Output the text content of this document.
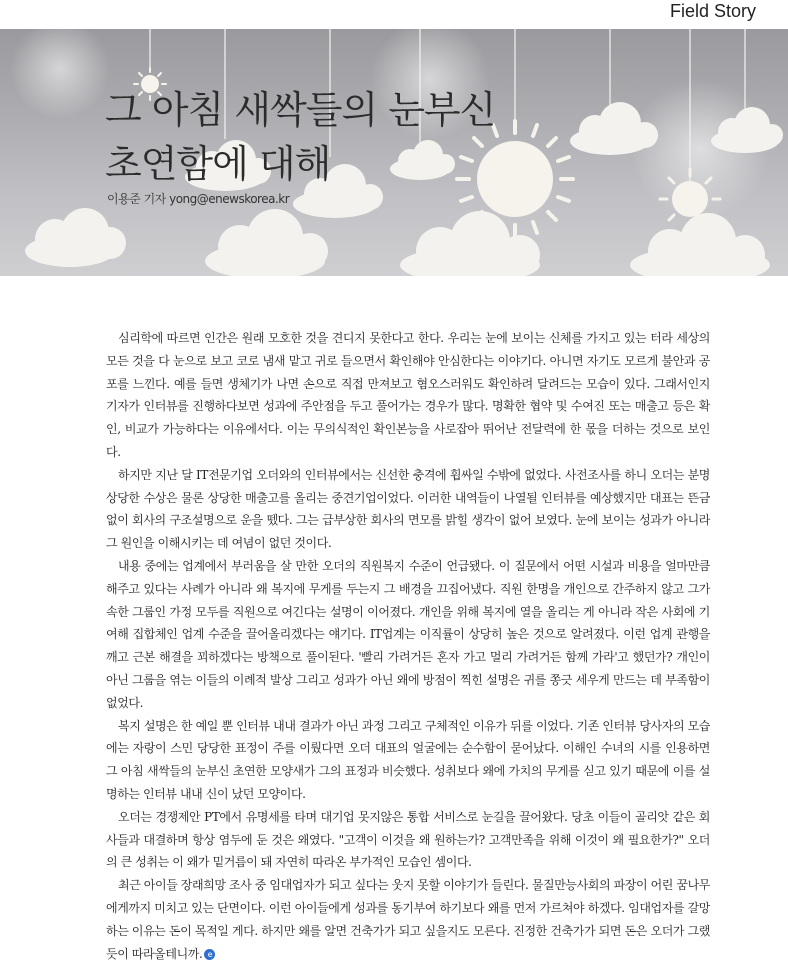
Field Story
그 아침 새싹들의 눈부신
초연함에 대해
이용준 기자 yong@enewskorea.kr

심리학에 따르면 인간은 원래 모호한 것을 견디지 못한다고 한다. 우리는 눈에 보이는 신체를 가지고 있는 터라 세상의 모든 것을 다 눈으로 보고 코로 냄새 맡고 귀로 들으면서 확인해야 안심한다는 이야기다. 아니면 자기도 모르게 불안과 공포를 느낀다. 예를 들면 생체기가 나면 손으로 직접 만져보고 혐오스러워도 확인하려 달려드는 모습이 있다. 그래서인지 기자가 인터뷰를 진행하다보면 성과에 주안점을 두고 풀어가는 경우가 많다. 명확한 협약 및 수여진 또는 매출고 등은 확인, 비교가 가능하다는 이유에서다. 이는 무의식적인 확인본능을 사로잡아 뛰어난 전달력에 한 몫을 더하는 것으로 보인다.

하지만 지난 달 IT전문기업 오더와의 인터뷰에서는 신선한 충격에 휩싸일 수밖에 없었다. 사전조사를 하니 오더는 분명 상당한 수상은 물론 상당한 매출고를 올리는 중견기업이었다. 이러한 내역들이 나열될 인터뷰를 예상했지만 대표는 뜬금없이 회사의 구조설명으로 운을 뗐다. 그는 급부상한 회사의 면모를 밝힐 생각이 없어 보였다. 눈에 보이는 성과가 아니라 그 원인을 이해시키는 데 여념이 없던 것이다.

내용 중에는 업계에서 부러움을 살 만한 오더의 직원복지 수준이 언급됐다. 이 질문에서 어떤 시설과 비용을 얼마만큼 해주고 있다는 사례가 아니라 왜 복지에 무게를 두는지 그 배경을 끄집어냈다. 직원 한명을 개인으로 간주하지 않고 그가 속한 그룹인 가정 모두를 직원으로 여긴다는 설명이 이어졌다. 개인을 위해 복지에 열을 올리는 게 아니라 작은 사회에 기여해 집합체인 업계 수준을 끌어올리겠다는 얘기다. IT업계는 이직률이 상당히 높은 것으로 알려졌다. 이런 업계 관행을 깨고 근본 해결을 꾀하겠다는 방책으로 풀이된다. '빨리 가려거든 혼자 가고 멀리 가려거든 함께 가라'고 했던가? 개인이 아닌 그룹을 엮는 이들의 이례적 발상 그리고 성과가 아닌 왜에 방점이 찍힌 설명은 귀를 쫑긋 세우게 만드는 데 부족함이 없었다.

복지 설명은 한 예일 뿐 인터뷰 내내 결과가 아닌 과정 그리고 구체적인 이유가 뒤를 이었다. 기존 인터뷰 당사자의 모습에는 자랑이 스민 당당한 표정이 주를 이뤘다면 오더 대표의 얼굴에는 순수함이 묻어났다. 이해인 수녀의 시를 인용하면 그 아침 새싹들의 눈부신 초연한 모양새가 그의 표정과 비슷했다. 성취보다 왜에 가치의 무게를 싣고 있기 때문에 이를 설명하는 인터뷰 내내 신이 났던 모양이다.

오더는 경쟁제안 PT에서 유명세를 타며 대기업 못지않은 통합 서비스로 눈길을 끌어왔다. 당초 이들이 골리앗 같은 회사들과 대결하며 항상 염두에 둔 것은 왜였다. "고객이 이것을 왜 원하는가? 고객만족을 위해 이것이 왜 필요한가?" 오더의 큰 성취는 이 왜가 밑거름이 돼 자연히 따라온 부가적인 모습인 셈이다.

최근 아이들 장래희망 조사 중 임대업자가 되고 싶다는 웃지 못할 이야기가 들린다. 물질만능사회의 파장이 어린 꿈나무에게까지 미치고 있는 단면이다. 이런 아이들에게 성과를 동기부여 하기보다 왜를 먼저 가르쳐야 하겠다. 임대업자를 갈망하는 이유는 돈이 목적일 게다. 하지만 왜를 알면 건축가가 되고 싶을지도 모른다. 진정한 건축가가 되면 돈은 오더가 그랬듯이 따라올테니까. e
